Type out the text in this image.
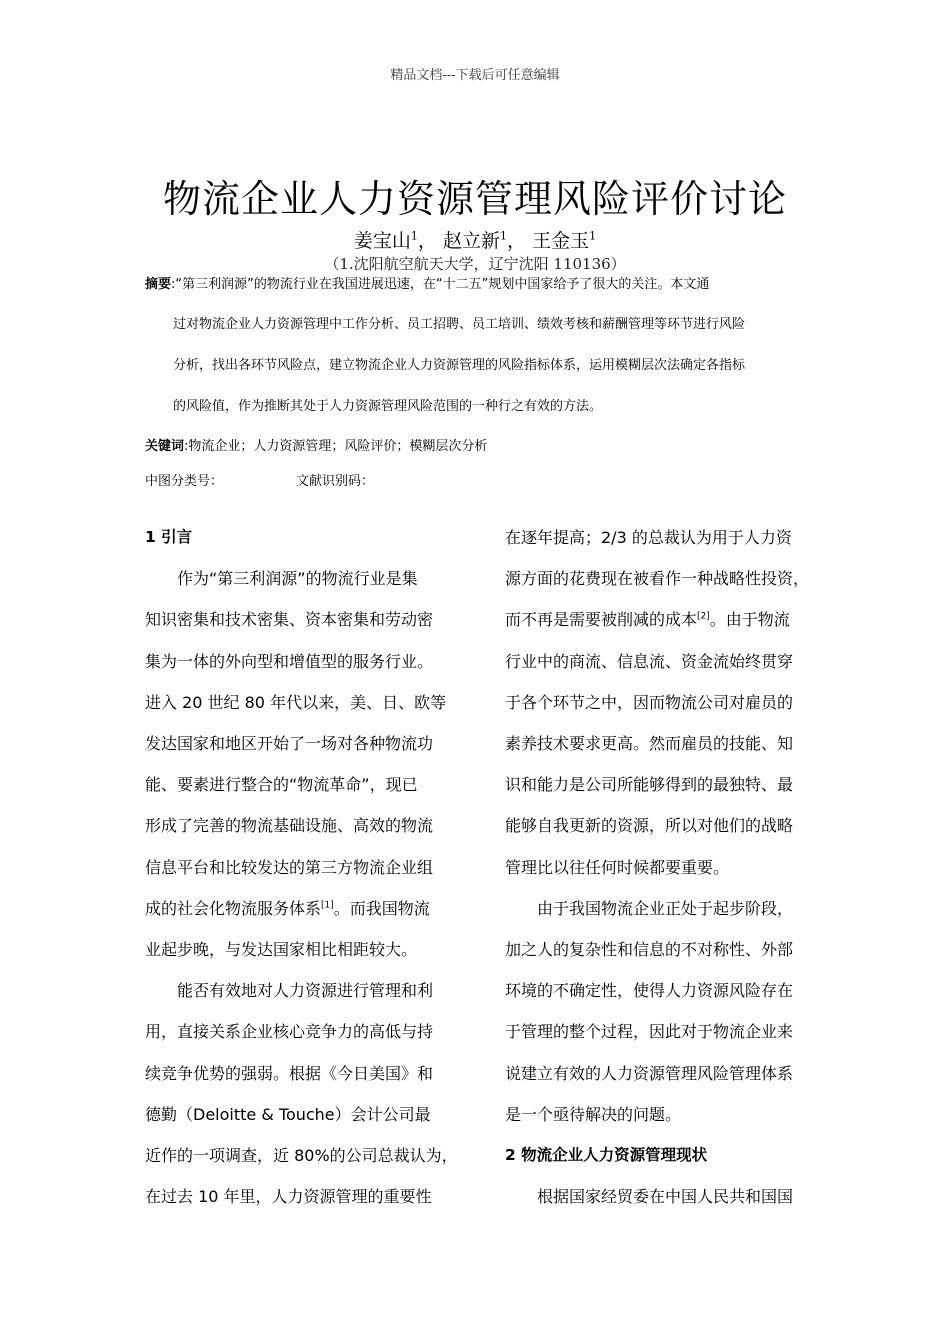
精品文档---下载后可任意编辑
物流企业人力资源管理风险评价讨论
姜宝山$^1$， 赵立新$^1$， 王金玉$^1$
（1.沈阳航空航天大学，辽宁沈阳 110136）
摘要:“第三利润源”的物流行业在我国进展迅速，在“十二五”规划中国家给予了很大的关注。本文通
过对物流企业人力资源管理中工作分析、员工招聘、员工培训、绩效考核和薪酬管理等环节进行风险
分析，找出各环节风险点，建立物流企业人力资源管理的风险指标体系，运用模糊层次法确定各指标
的风险值，作为推断其处于人力资源管理风险范围的一种行之有效的方法。
关键词:物流企业；人力资源管理；风险评价；模糊层次分析
中图分类号：	文献识别码：

1 引言

作为“第三利润源”的物流行业是集

知识密集和技术密集、资本密集和劳动密

集为一体的外向型和增值型的服务行业。

进入 20 世纪 80 年代以来，美、日、欧等

发达国家和地区开始了一场对各种物流功

能、要素进行整合的“物流革命”，现已

形成了完善的物流基础设施、高效的物流

信息平台和比较发达的第三方物流企业组

成的社会化物流服务体系[1]。而我国物流

业起步晚，与发达国家相比相距较大。

能否有效地对人力资源进行管理和利

用，直接关系企业核心竞争力的高低与持

续竞争优势的强弱。根据《今日美国》和

德勤（Deloitte & Touche）会计公司最

近作的一项调查，近 80%的公司总裁认为，

在过去 10 年里，人力资源管理的重要性

在逐年提高；2/3 的总裁认为用于人力资

源方面的花费现在被看作一种战略性投资，

而不再是需要被削减的成本[2]。由于物流

行业中的商流、信息流、资金流始终贯穿

于各个环节之中，因而物流公司对雇员的

素养技术要求更高。然而雇员的技能、知

识和能力是公司所能够得到的最独特、最

能够自我更新的资源，所以对他们的战略

管理比以往任何时候都要重要。

由于我国物流企业正处于起步阶段，

加之人的复杂性和信息的不对称性、外部

环境的不确定性，使得人力资源风险存在

于管理的整个过程，因此对于物流企业来

说建立有效的人力资源管理风险管理体系

是一个亟待解决的问题。

2 物流企业人力资源管理现状

根据国家经贸委在中国人民共和国国
